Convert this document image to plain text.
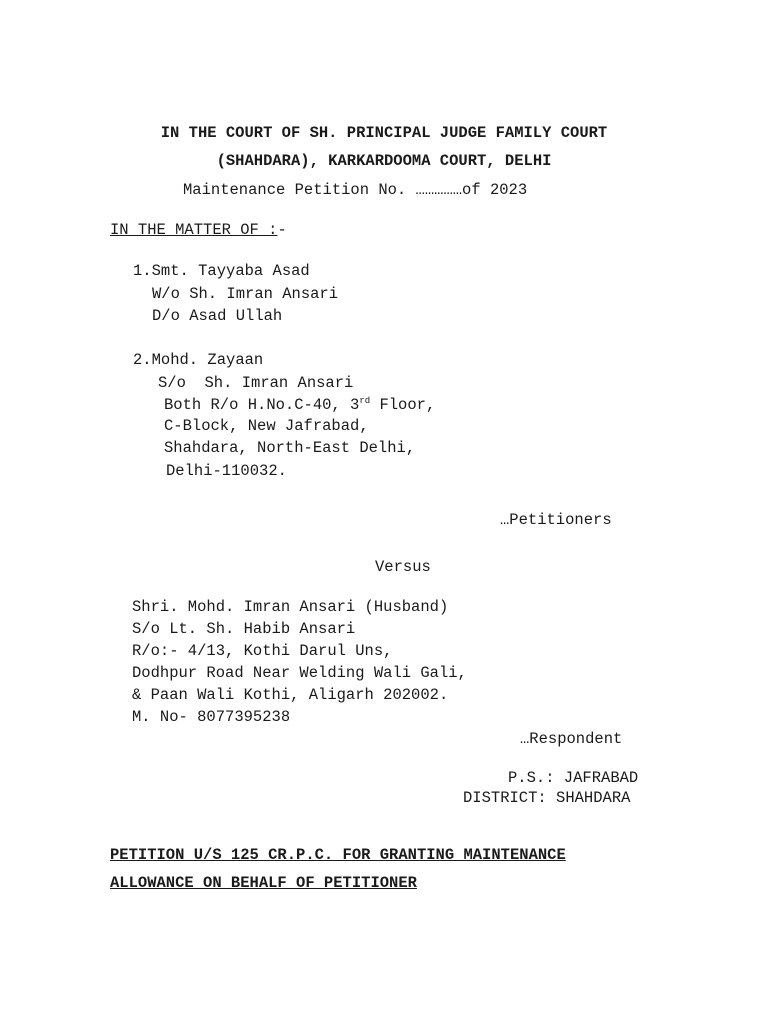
IN THE COURT OF SH. PRINCIPAL JUDGE FAMILY COURT
(SHAHDARA), KARKARDOOMA COURT, DELHI
Maintenance Petition No. ……………of 2023
IN THE MATTER OF :-
1.Smt. Tayyaba Asad
W/o Sh. Imran Ansari
D/o Asad Ullah
2.Mohd. Zayaan
S/o  Sh. Imran Ansari
Both R/o H.No.C-40, 3rd Floor,
C-Block, New Jafrabad,
Shahdara, North-East Delhi,
Delhi-110032.
…Petitioners
Versus
Shri. Mohd. Imran Ansari (Husband)
S/o Lt. Sh. Habib Ansari
R/o:- 4/13, Kothi Darul Uns,
Dodhpur Road Near Welding Wali Gali,
& Paan Wali Kothi, Aligarh 202002.
M. No- 8077395238
…Respondent
P.S.: JAFRABAD
DISTRICT: SHAHDARA
PETITION U/S 125 CR.P.C. FOR GRANTING MAINTENANCE
ALLOWANCE ON BEHALF OF PETITIONER
